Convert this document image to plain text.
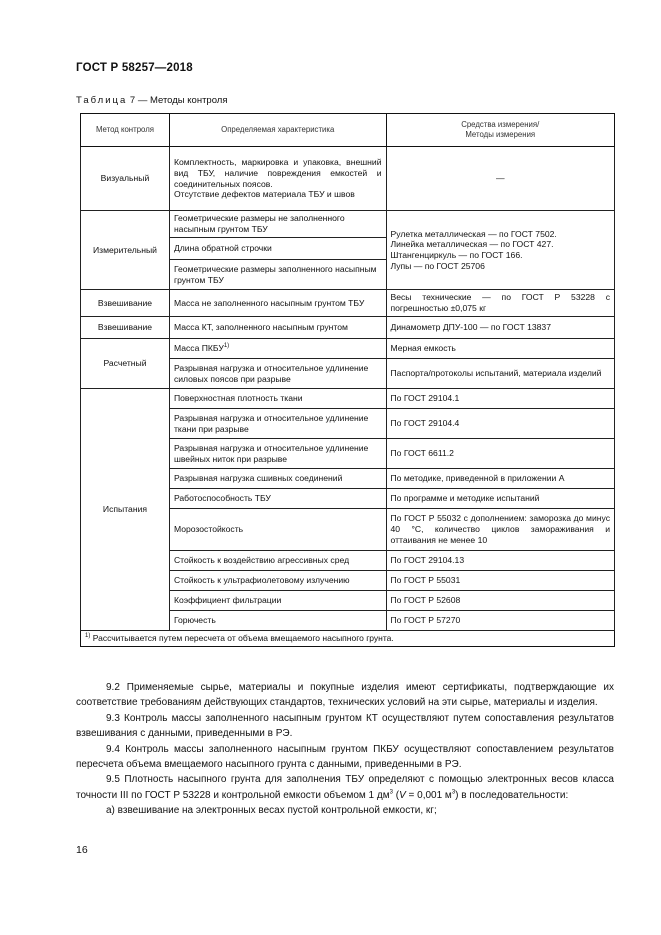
ГОСТ Р 58257—2018
Таблица 7 — Методы контроля
Метод контроля	Определяемая характеристика	Средства измерения/
Методы измерения
Визуальный	Комплектность, маркировка и упаковка, внешний вид ТБУ, наличие повреждения емкостей и соединительных поясов.
Отсутствие дефектов материала ТБУ и швов	—
Измерительный	Геометрические размеры не заполненного насыпным грунтом ТБУ	Рулетка металлическая — по ГОСТ 7502.
Линейка металлическая — по ГОСТ 427.
Штангенциркуль — по ГОСТ 166.
Лупы — по ГОСТ 25706
	Длина обратной строчки	
	Геометрические размеры заполненного насыпным грунтом ТБУ	
Взвешивание	Масса не заполненного насыпным грунтом ТБУ	Весы технические — по ГОСТ Р 53228 с погрешностью ±0,075 кг
Взвешивание	Масса КТ, заполненного насыпным грунтом	Динамометр ДПУ-100 — по ГОСТ 13837
Расчетный	Масса ПКБУ$^{1)}$	Мерная емкость
	Разрывная нагрузка и относительное удлинение силовых поясов при разрыве	Паспорта/протоколы испытаний, материала изделий
Испытания	Поверхностная плотность ткани	По ГОСТ 29104.1
	Разрывная нагрузка и относительное удлинение ткани при разрыве	По ГОСТ 29104.4
	Разрывная нагрузка и относительное удлинение швейных ниток при разрыве	По ГОСТ 6611.2
	Разрывная нагрузка сшивных соединений	По методике, приведенной в приложении А
	Работоспособность ТБУ	По программе и методике испытаний
	Морозостойкость	По ГОСТ Р 55032 с дополнением: заморозка до минус 40 °С, количество циклов замораживания и оттаивания не менее 10
	Стойкость к воздействию агрессивных сред	По ГОСТ 29104.13
	Стойкость к ультрафиолетовому излучению	По ГОСТ Р 55031
	Коэффициент фильтрации	По ГОСТ Р 52608
	Горючесть	По ГОСТ Р 57270
$^{1)}$ Рассчитывается путем пересчета от объема вмещаемого насыпного грунта.		

9.2 Применяемые сырье, материалы и покупные изделия имеют сертификаты, подтверждающие их соответствие требованиям действующих стандартов, технических условий на эти сырье, материалы и изделия.

9.3 Контроль массы заполненного насыпным грунтом КТ осуществляют путем сопоставления результатов взвешивания с данными, приведенными в РЭ.

9.4 Контроль массы заполненного насыпным грунтом ПКБУ осуществляют сопоставлением результатов пересчета объема вмещаемого насыпного грунта с данными, приведенными в РЭ.

9.5 Плотность насыпного грунта для заполнения ТБУ определяют с помощью электронных весов класса точности III по ГОСТ Р 53228 и контрольной емкости объемом 1 $дм^3$ (V = 0,001 $м^3$) в последовательности:

а) взвешивание на электронных весах пустой контрольной емкости, кг;

16
